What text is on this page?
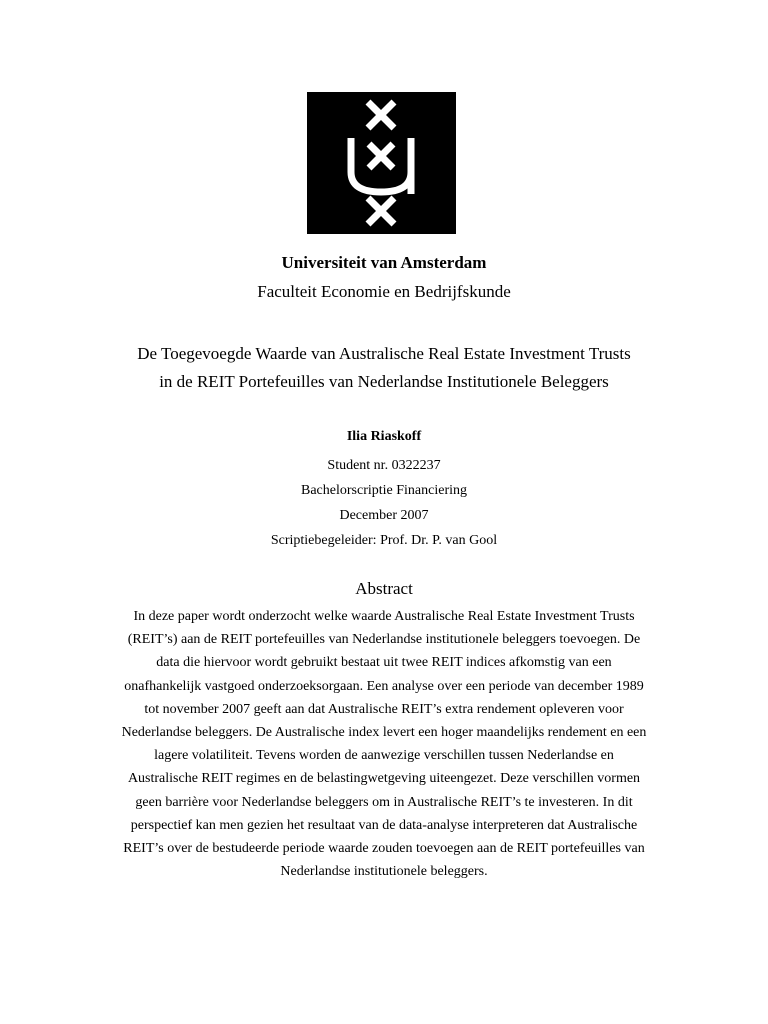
Universiteit van Amsterdam
Faculteit Economie en Bedrijfskunde
De Toegevoegde Waarde van Australische Real Estate Investment Trusts
in de REIT Portefeuilles van Nederlandse Institutionele Beleggers
Ilia Riaskoff
Student nr. 0322237
Bachelorscriptie Financiering
December 2007
Scriptiebegeleider: Prof. Dr. P. van Gool
Abstract
In deze paper wordt onderzocht welke waarde Australische Real Estate Investment Trusts
(REIT’s) aan de REIT portefeuilles van Nederlandse institutionele beleggers toevoegen. De
data die hiervoor wordt gebruikt bestaat uit twee REIT indices afkomstig van een
onafhankelijk vastgoed onderzoeksorgaan. Een analyse over een periode van december 1989
tot november 2007 geeft aan dat Australische REIT’s extra rendement opleveren voor
Nederlandse beleggers. De Australische index levert een hoger maandelijks rendement en een
lagere volatiliteit. Tevens worden de aanwezige verschillen tussen Nederlandse en
Australische REIT regimes en de belastingwetgeving uiteengezet. Deze verschillen vormen
geen barrière voor Nederlandse beleggers om in Australische REIT’s te investeren. In dit
perspectief kan men gezien het resultaat van de data-analyse interpreteren dat Australische
REIT’s over de bestudeerde periode waarde zouden toevoegen aan de REIT portefeuilles van
Nederlandse institutionele beleggers.
